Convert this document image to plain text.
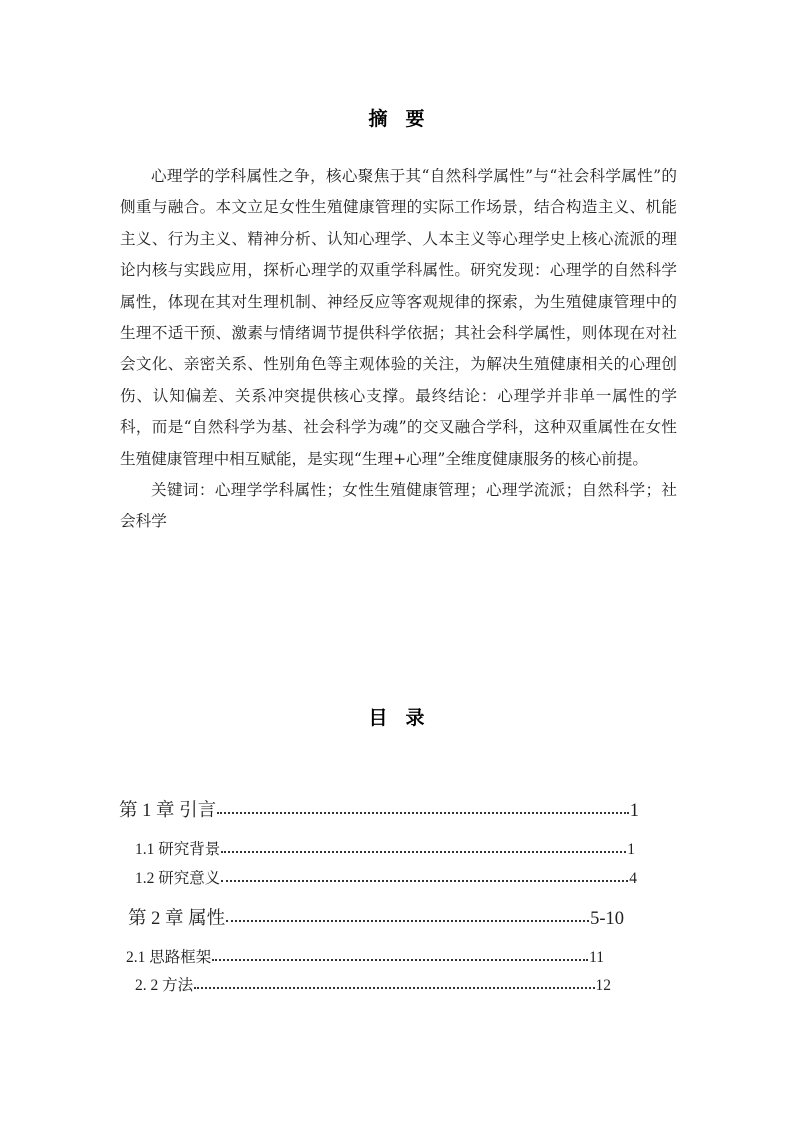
摘要
心理学的学科属性之争，核心聚焦于其“自然科学属性”与“社会科学属性”的侧重与融合。本文立足女性生殖健康管理的实际工作场景，结合构造主义、机能主义、行为主义、精神分析、认知心理学、人本主义等心理学史上核心流派的理论内核与实践应用，探析心理学的双重学科属性。研究发现：心理学的自然科学属性，体现在其对生理机制、神经反应等客观规律的探索，为生殖健康管理中的生理不适干预、激素与情绪调节提供科学依据；其社会科学属性，则体现在对社会文化、亲密关系、性别角色等主观体验的关注，为解决生殖健康相关的心理创伤、认知偏差、关系冲突提供核心支撑。最终结论：心理学并非单一属性的学科，而是“自然科学为基、社会科学为魂”的交叉融合学科，这种双重属性在女性生殖健康管理中相互赋能，是实现“生理+心理”全维度健康服务的核心前提。
关键词：心理学学科属性；女性生殖健康管理；心理学流派；自然科学；社会科学
目录
第 1 章 引言	1
1.1 研究背景	1
1.2 研究意义	4
第 2 章 属性	5-10
2.1 思路框架	11
2. 2 方法	12
